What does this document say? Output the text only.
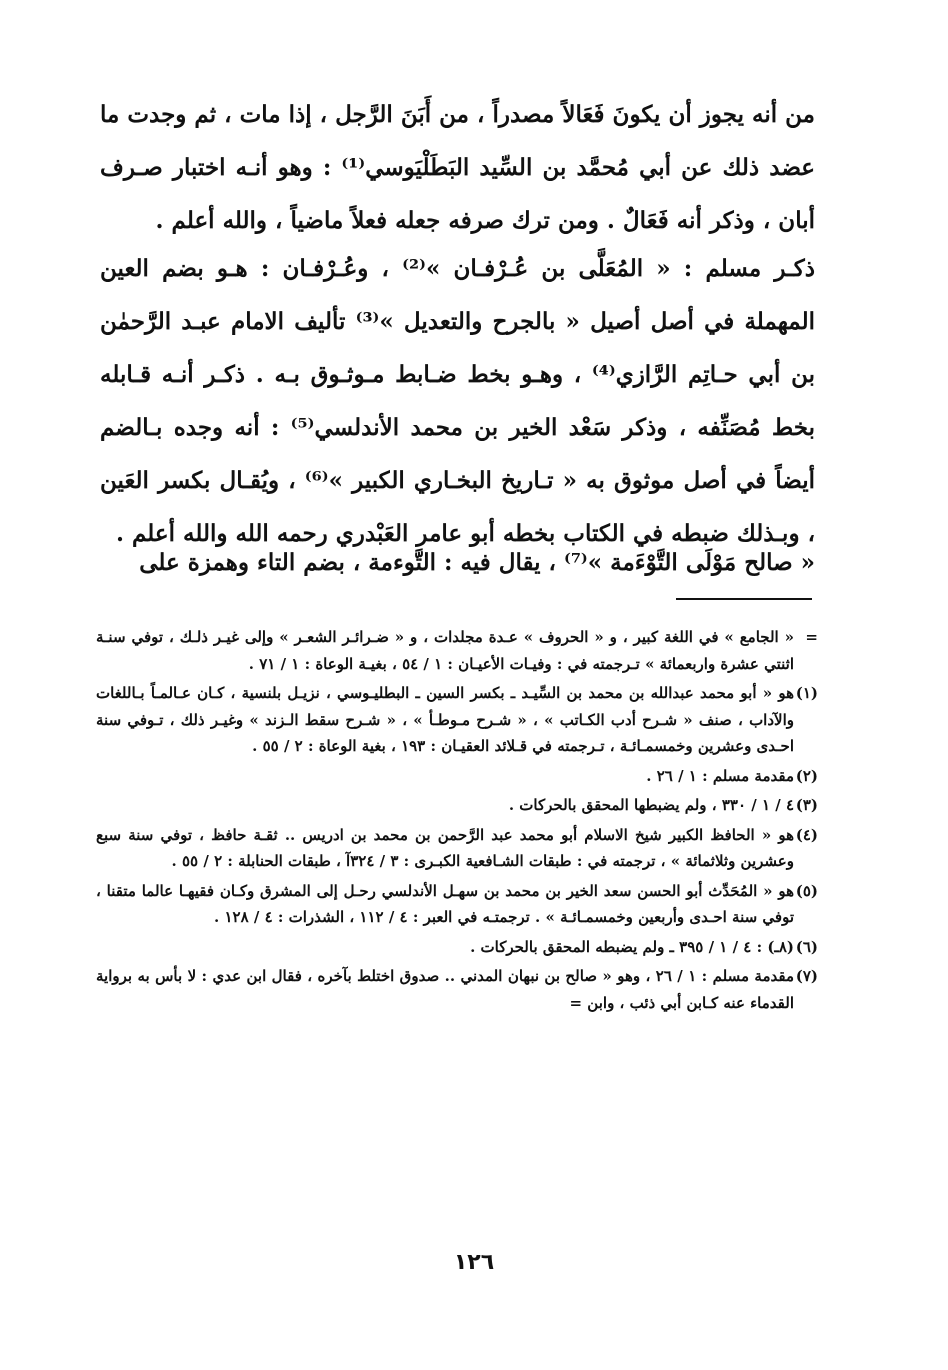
من أنه يجوز أن يكونَ فَعَالاً مصدراً ، من أَبَنَ الرَّجل ، إذا مات ، ثم وجدت ما عضد ذلك عن أبي مُحمَّد بن السِّيد البَطَلْيَوسي⁽¹⁾ : وهو أنـه اختبار صـرف أبان ، وذكر أنه فَعَالٌ . ومن ترك صرفه جعله فعلاً ماضياً ، والله أعلم .

ذكـر مسلم : « المُعَلَّى بن عُـرْفـان »⁽²⁾ ، وعُـرْفـان : هـو بضم العين المهملة في أصل أصيل « بالجرح والتعديل »⁽³⁾ تأليف الامام عبـد الرَّحمٰن بن أبي حـاتِم الرَّازي⁽⁴⁾ ، وهـو بخط ضـابط مـوثـوق بـه . ذكـر أنـه قـابله بخط مُصَنِّفه ، وذكر سَعْد الخير بن محمد الأندلسي⁽⁵⁾ : أنه وجده بـالضم أيضاً في أصل موثوق به « تـاريخ البخـاري الكبير »⁽⁶⁾ ، ويُقـال بكسر العَين ، وبـذلك ضبطه في الكتاب بخطه أبو عامر العَبْدري رحمه الله والله أعلم .

« صالح مَوْلَى التَّوْءَمة »⁽⁷⁾ ، يقال فيه : التَّوءمة ، بضم التاء وهمزة على

=« الجامع » في اللغة كبير ، و « الحروف » عـدة مجلدات ، و « ضـرائـر الشعـر » وإلى غيـر ذلـك ، توفي سنـة اثنتي عشرة واربعمائة » تـرجمته في : وفيـات الأعيـان : ١ / ٥٤ ، بغيـة الوعاة : ١ / ٧١ .

(١)هو « أبو محمد عبدالله بن محمد بن السِّيـد ـ بكسر السين ـ البطليـوسي ، نزيـل بلنسية ، كـان عـالمـاً بـاللغات والآداب ، صنف « شـرح أدب الكـاتب » ، « شـرح مـوطـأ » ، « شـرح سقط الـزند » وغيـر ذلك ، تـوفي سنة احـدى وعشرين وخمسمـائـة ، تـرجمته في قـلائد العقيـان : ١٩٣ ، بغية الوعاة : ٢ / ٥٥ .

(٢)مقدمة مسلم : ١ / ٢٦ .

(٣)٤ / ١ / ٣٣٠ ، ولم يضبطها المحقق بالحركات .

(٤)هو « الحافظ الكبير شيخ الاسلام أبو محمد عبد الرَّحمن بن محمد بن ادريس .. ثقـة حافظ ، توفي سنة سبع وعشرين وثلاثمائة » ، ترجمته في : طبقات الشـافعية الكبـرى : ٣ / ٣٢٤آ ، طبقات الحنابلة : ٢ / ٥٥ .

(٥)هو « المُحَدِّث أبو الحسن سعد الخير بن محمد بن سهـل الأندلسي رحـل إلى المشرق وكـان فقيهـا عالما متقنا ، توفي سنة احـدى وأربعين وخمسمـائـة » . ترجمتـه في العبر : ٤ / ١١٢ ، الشذرات : ٤ / ١٢٨ .

(٦)(٨ـ) : ٤ / ١ / ٣٩٥ ـ ولم يضبطه المحقق بالحركات .

(٧)مقدمة مسلم : ١ / ٢٦ ، وهو « صالح بن نبهان المدني .. صدوق اختلط بآخره ، فقال ابن عدي : لا بأس به برواية القدماء عنه كـابن أبي ذئب ، وابن =

١٢٦
